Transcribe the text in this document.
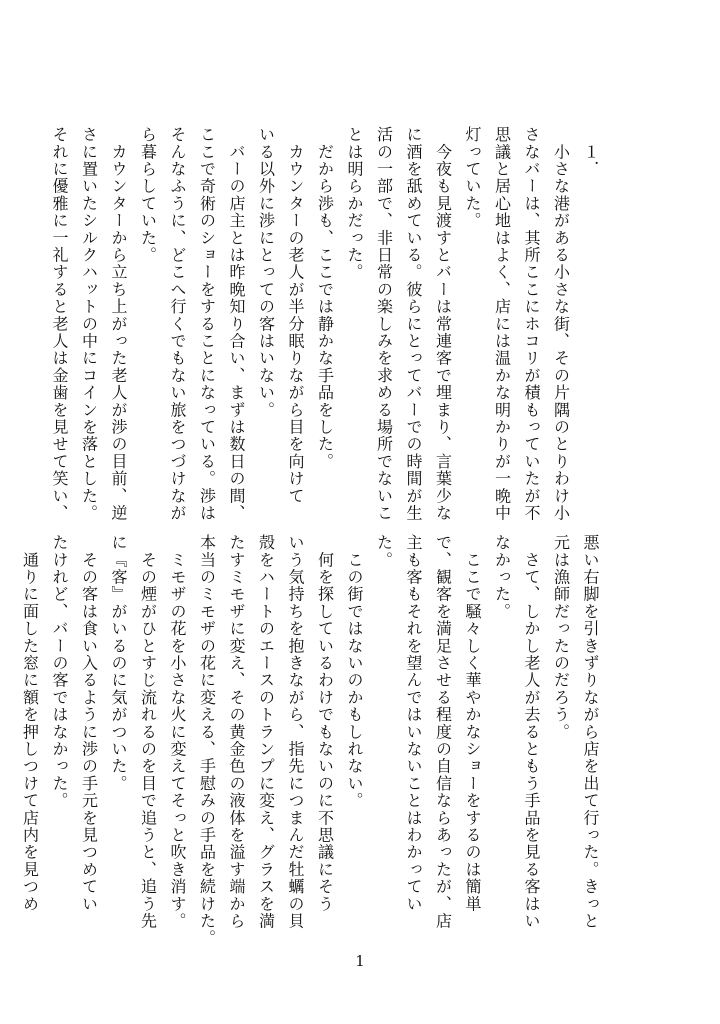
　１．
　小さな港がある小さな街、その片隅のとりわけ小
さなバーは、其所ここにホコリが積もっていたが不
思議と居心地はよく、店には温かな明かりが一晩中
灯っていた。
　今夜も見渡すとバーは常連客で埋まり、言葉少な
に酒を舐めている。彼らにとってバーでの時間が生
活の一部で、非日常の楽しみを求める場所でないこ
とは明らかだった。
　だから渉も、ここでは静かな手品をした。
　カウンターの老人が半分眠りながら目を向けて
いる以外に渉にとっての客はいない。
　バーの店主とは昨晩知り合い、まずは数日の間、
ここで奇術のショーをすることになっている。渉は
そんなふうに、どこへ行くでもない旅をつづけなが
ら暮らしていた。
　カウンターから立ち上がった老人が渉の目前、逆
さに置いたシルクハットの中にコインを落とした。
それに優雅に一礼すると老人は金歯を見せて笑い、
悪い右脚を引きずりながら店を出て行った。きっと
元は漁師だったのだろう。
　さて、しかし老人が去るともう手品を見る客はい
なかった。
　ここで騒々しく華やかなショーをするのは簡単
で、観客を満足させる程度の自信ならあったが、店
主も客もそれを望んではいないことはわかってい
た。
　この街ではないのかもしれない。
　何を探しているわけでもないのに不思議にそう
いう気持ちを抱きながら、指先につまんだ牡蠣の貝
殻をハートのエースのトランプに変え、グラスを満
たすミモザに変え、その黄金色の液体を溢す端から
本当のミモザの花に変える、手慰みの手品を続けた。
　ミモザの花を小さな火に変えてそっと吹き消す。
　その煙がひとすじ流れるのを目で追うと、追う先
に『客』がいるのに気がついた。
　その客は食い入るように渉の手元を見つめてい
たけれど、バーの客ではなかった。
　通りに面した窓に額を押しつけて店内を見つめ
1
